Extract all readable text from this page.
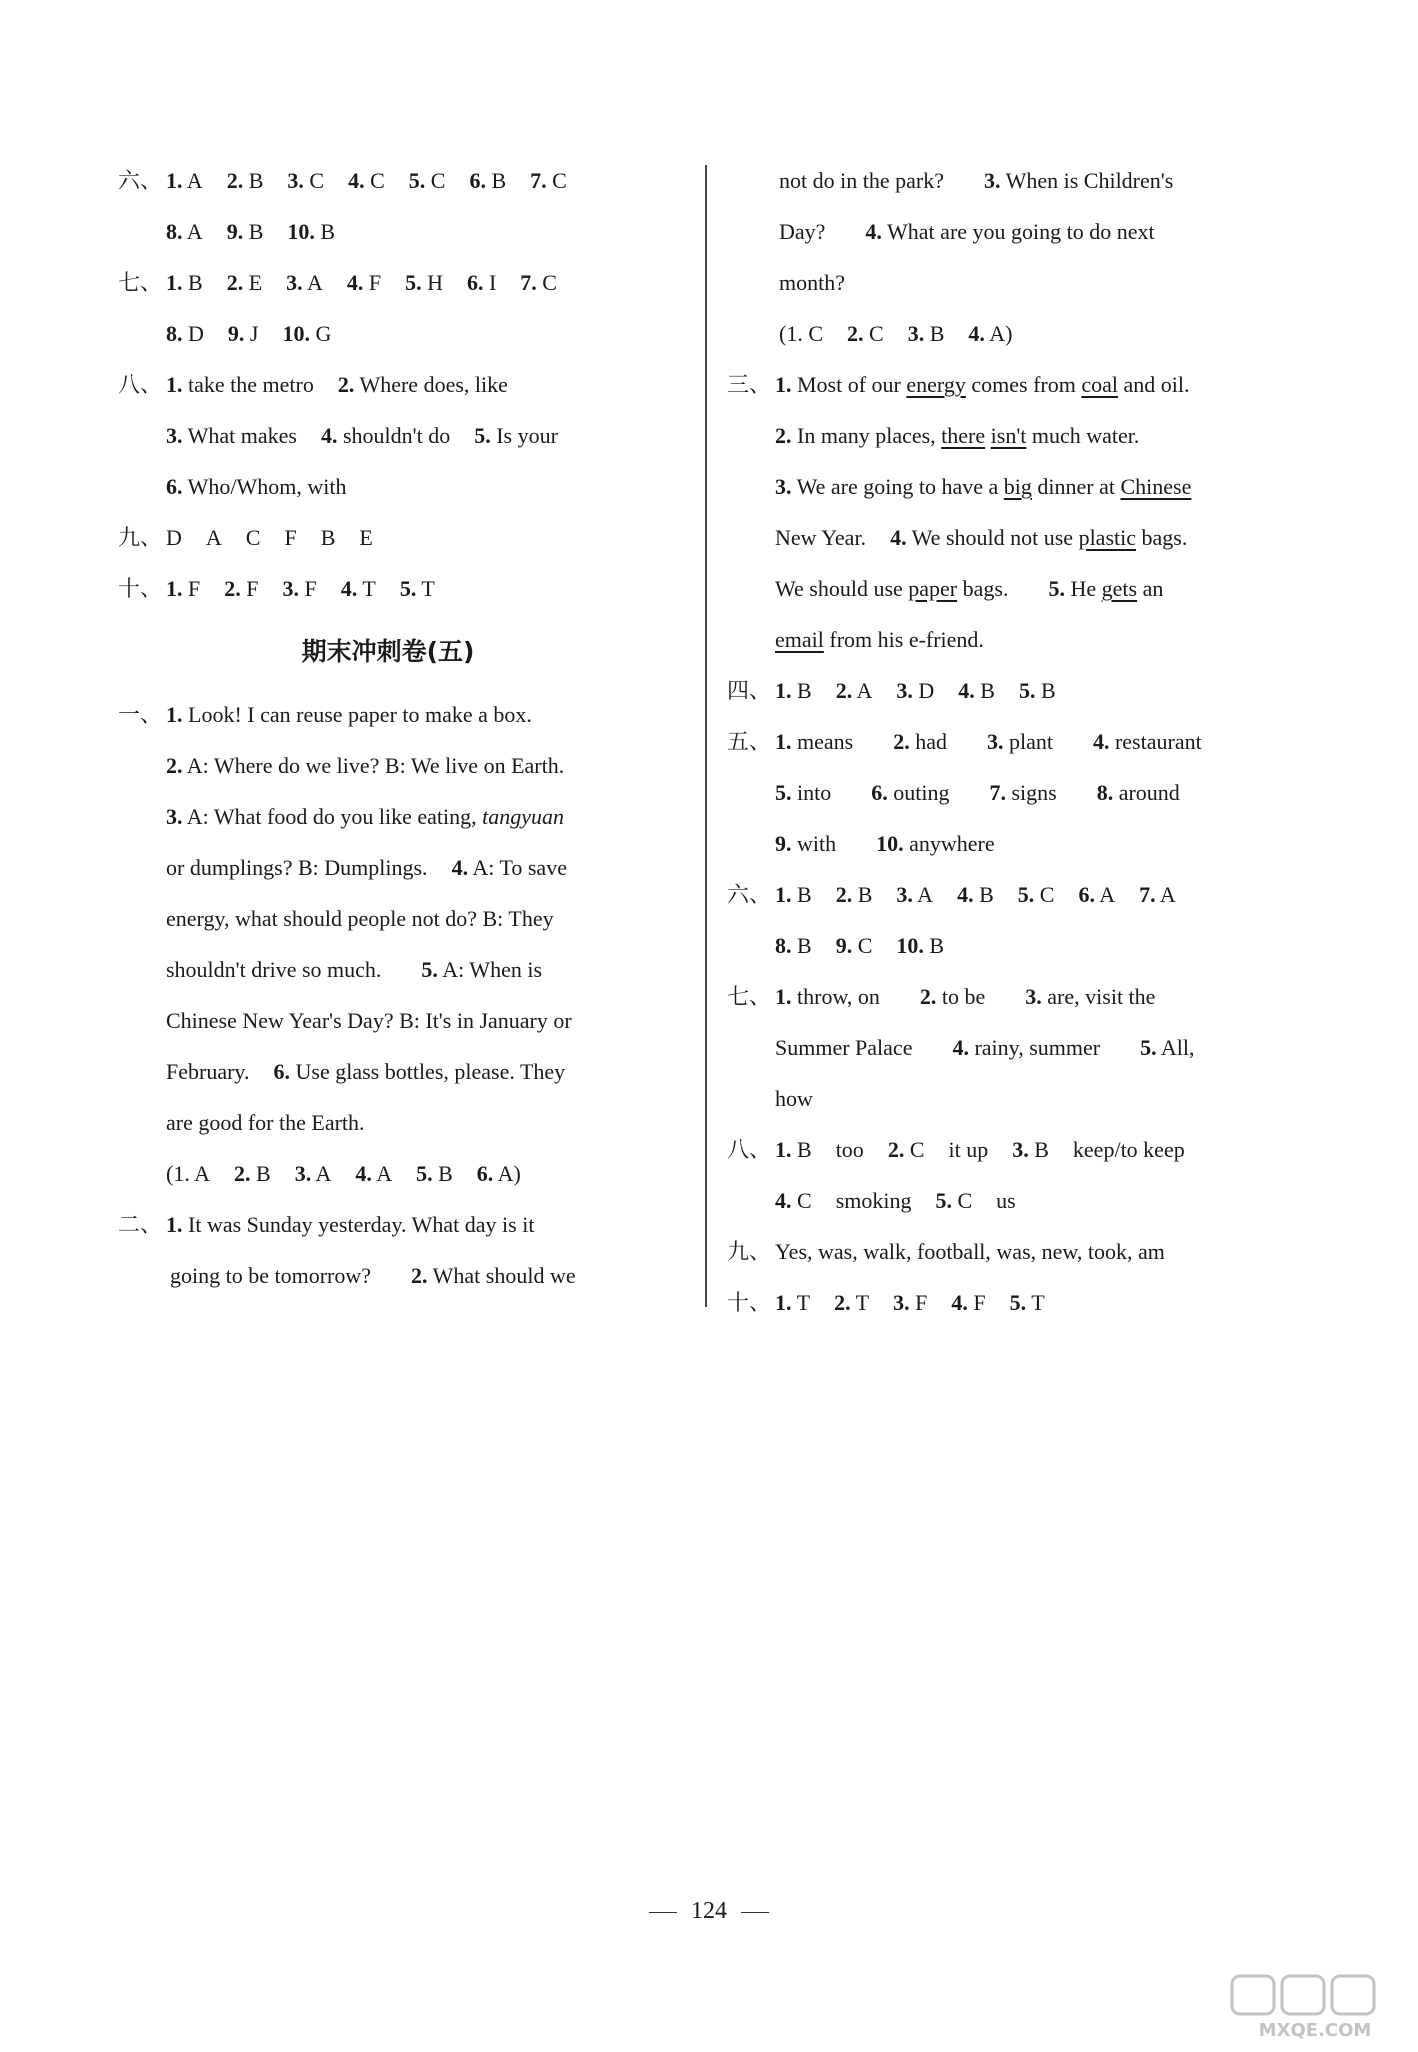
六、 1. A 2. B 3. C 4. C 5. C 6. B 7. C
8. A 9. B 10. B
七、 1. B 2. E 3. A 4. F 5. H 6. I 7. C
8. D 9. J 10. G
八、 1. take the metro 2. Where does, like
3. What makes 4. shouldn't do 5. Is your
6. Who/Whom, with
九、 D A C F B E
十、 1. F 2. F 3. F 4. T 5. T
期末冲刺卷(五)
一、 1. Look! I can reuse paper to make a box.
2. A: Where do we live? B: We live on Earth.
3. A: What food do you like eating, tangyuan
or dumplings? B: Dumplings. 4. A: To save
energy, what should people not do? B: They
shouldn't drive so much. 5. A: When is
Chinese New Year's Day? B: It's in January or
February. 6. Use glass bottles, please. They
are good for the Earth.
(1. A 2. B 3. A 4. A 5. B 6. A)
二、 1. It was Sunday yesterday. What day is it
going to be tomorrow? 2. What should we
not do in the park? 3. When is Children's
Day? 4. What are you going to do next
month?
(1. C 2. C 3. B 4. A)
三、 1. Most of our energy comes from coal and oil.
2. In many places, there isn't much water.
3. We are going to have a big dinner at Chinese
New Year. 4. We should not use plastic bags.
We should use paper bags. 5. He gets an
email from his e-friend.
四、 1. B 2. A 3. D 4. B 5. B
五、 1. means 2. had 3. plant 4. restaurant
5. into 6. outing 7. signs 8. around
9. with 10. anywhere
六、 1. B 2. B 3. A 4. B 5. C 6. A 7. A
8. B 9. C 10. B
七、 1. throw, on 2. to be 3. are, visit the
Summer Palace 4. rainy, summer 5. All,
how
八、 1. B too 2. C it up 3. B keep/to keep
4. C smoking 5. C us
九、 Yes, was, walk, football, was, new, took, am
十、 1. T 2. T 3. F 4. F 5. T
124
MXQE.COM
